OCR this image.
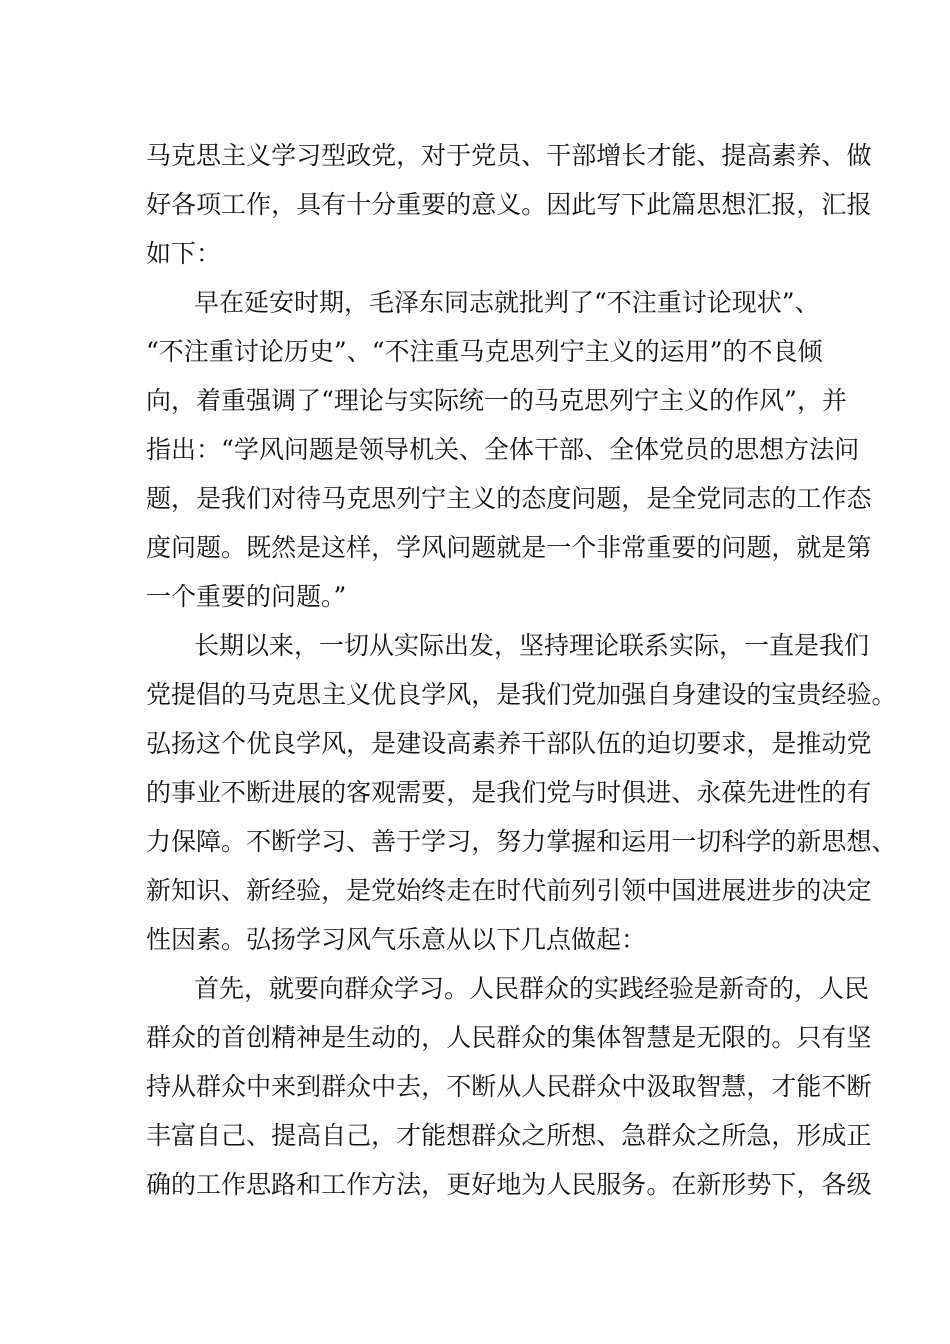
马 克 思 主 义 学 习 型 政 党 ， 对 于 党 员 、 干 部 增 长 才 能 、 提 高 素 养 、 做
好 各 项 工 作 ， 具 有 十 分 重 要 的 意 义 。 因 此 写 下 此 篇 思 想 汇 报 ， 汇 报
如下：
早在延安时期，毛泽东同志就批判了“不注重讨论现状”、
“ 不 注 重 讨 论 历 史 ” 、 “ 不 注 重 马 克 思 列 宁 主 义 的 运 用 ” 的 不 良 倾
向 ， 着 重 强 调 了 “ 理 论 与 实 际 统 一 的 马 克 思 列 宁 主 义 的 作 风 ” ， 并
指 出 ： “ 学 风 问 题 是 领 导 机 关 、 全 体 干 部 、 全 体 党 员 的 思 想 方 法 问
题 ， 是 我 们 对 待 马 克 思 列 宁 主 义 的 态 度 问 题 ， 是 全 党 同 志 的 工 作 态
度 问 题 。 既 然 是 这 样 ， 学 风 问 题 就 是 一 个 非 常 重 要 的 问 题 ， 就 是 第
一个重要的问题。”
长期以来，一切从实际出发，坚持理论联系实际，一直是我们
党 提 倡 的 马 克 思 主 义 优 良 学 风 ， 是 我 们 党 加 强 自 身 建 设 的 宝 贵 经 验 。
弘 扬 这 个 优 良 学 风 ， 是 建 设 高 素 养 干 部 队 伍 的 迫 切 要 求 ， 是 推 动 党
的 事 业 不 断 进 展 的 客 观 需 要 ， 是 我 们 党 与 时 俱 进 、 永 葆 先 进 性 的 有
力 保 障 。 不 断 学 习 、 善 于 学 习 ， 努 力 掌 握 和 运 用 一 切 科 学 的 新 思 想 、
新 知 识 、 新 经 验 ， 是 党 始 终 走 在 时 代 前 列 引 领 中 国 进 展 进 步 的 决 定
性因素。弘扬学习风气乐意从以下几点做起：
首先，就要向群众学习。人民群众的实践经验是新奇的，人民
群 众 的 首 创 精 神 是 生 动 的 ， 人 民 群 众 的 集 体 智 慧 是 无 限 的 。 只 有 坚
持 从 群 众 中 来 到 群 众 中 去 ， 不 断 从 人 民 群 众 中 汲 取 智 慧 ， 才 能 不 断
丰 富 自 己 、 提 高 自 己 ， 才 能 想 群 众 之 所 想 、 急 群 众 之 所 急 ， 形 成 正
确 的 工 作 思 路 和 工 作 方 法 ， 更 好 地 为 人 民 服 务 。 在 新 形 势 下 ， 各 级
